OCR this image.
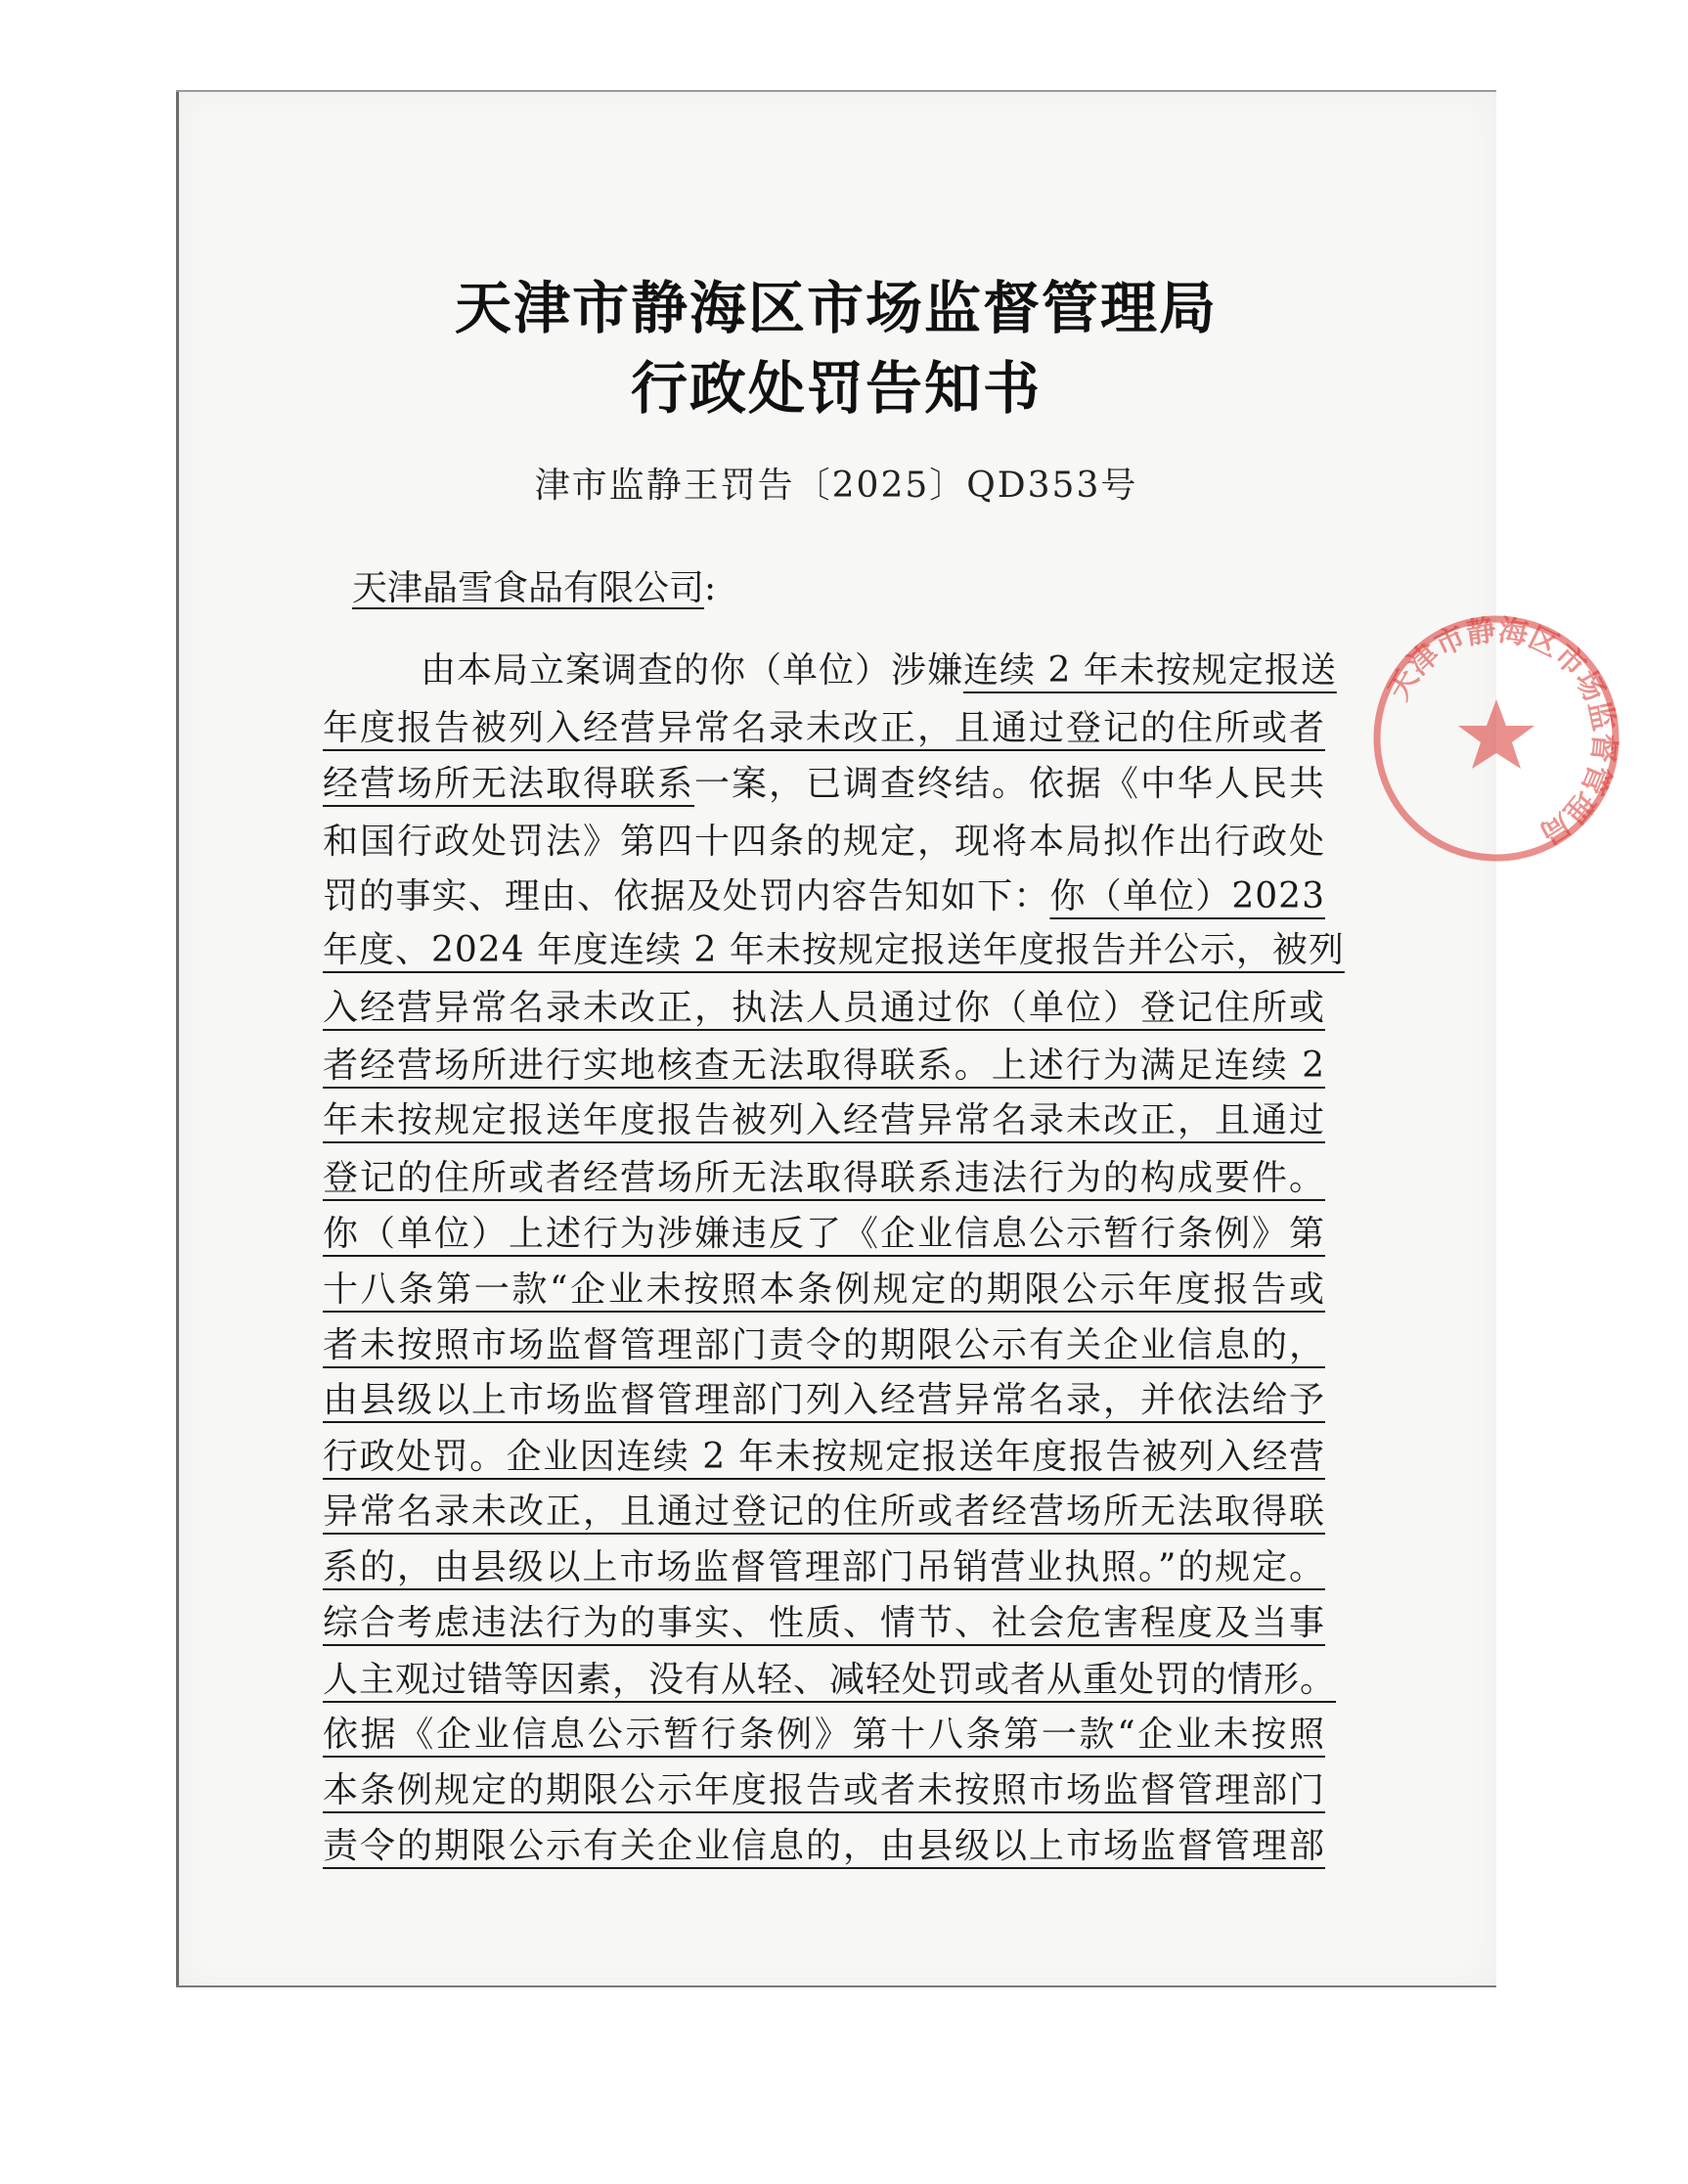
天津市静海区市场监督管理局
行政处罚告知书
津市监静王罚告〔2025〕QD353号
天津晶雪食品有限公司:
由本局立案调查的你（单位）涉嫌连续 2 年未按规定报送
年度报告被列入经营异常名录未改正，且通过登记的住所或者
经营场所无法取得联系一案，已调查终结。依据《中华人民共
和国行政处罚法》第四十四条的规定，现将本局拟作出行政处
罚的事实、理由、依据及处罚内容告知如下：你（单位）2023
年度、2024 年度连续 2 年未按规定报送年度报告并公示，被列
入经营异常名录未改正，执法人员通过你（单位）登记住所或
者经营场所进行实地核查无法取得联系。上述行为满足连续 2
年未按规定报送年度报告被列入经营异常名录未改正，且通过
登记的住所或者经营场所无法取得联系违法行为的构成要件。
你（单位）上述行为涉嫌违反了《企业信息公示暂行条例》第
十八条第一款“企业未按照本条例规定的期限公示年度报告或
者未按照市场监督管理部门责令的期限公示有关企业信息的，
由县级以上市场监督管理部门列入经营异常名录，并依法给予
行政处罚。企业因连续 2 年未按规定报送年度报告被列入经营
异常名录未改正，且通过登记的住所或者经营场所无法取得联
系的，由县级以上市场监督管理部门吊销营业执照。”的规定。
综合考虑违法行为的事实、性质、情节、社会危害程度及当事
人主观过错等因素，没有从轻、减轻处罚或者从重处罚的情形。
依据《企业信息公示暂行条例》第十八条第一款“企业未按照
本条例规定的期限公示年度报告或者未按照市场监督管理部门
责令的期限公示有关企业信息的，由县级以上市场监督管理部
天津市静海区市场监督管理局
